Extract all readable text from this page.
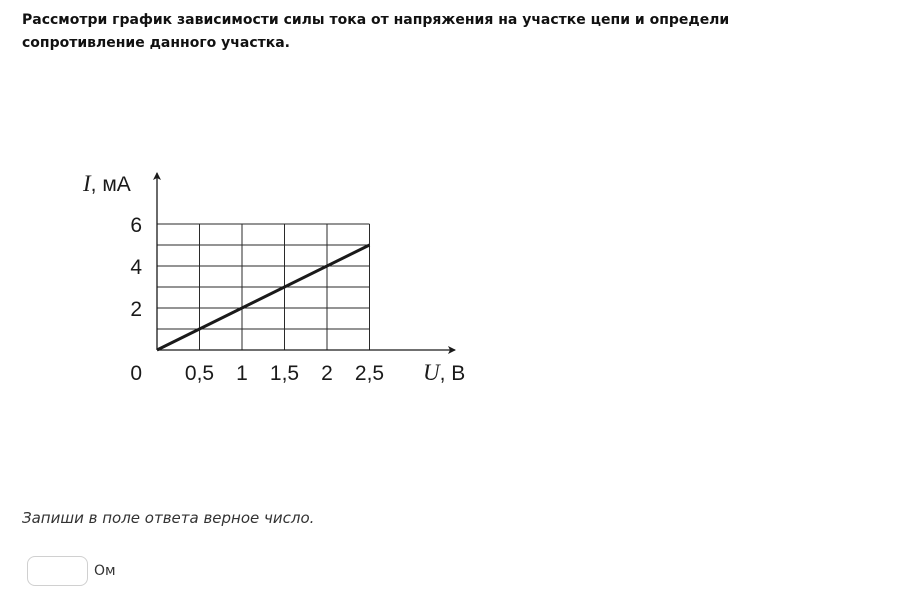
Рассмотри график зависимости силы тока от напряжения на участке цепи и определи сопротивление данного участка.

0,5 1 1,5 2 2,5
2
4
6
I, мА
U, В
0

Запиши в поле ответа верное число.

Ом
